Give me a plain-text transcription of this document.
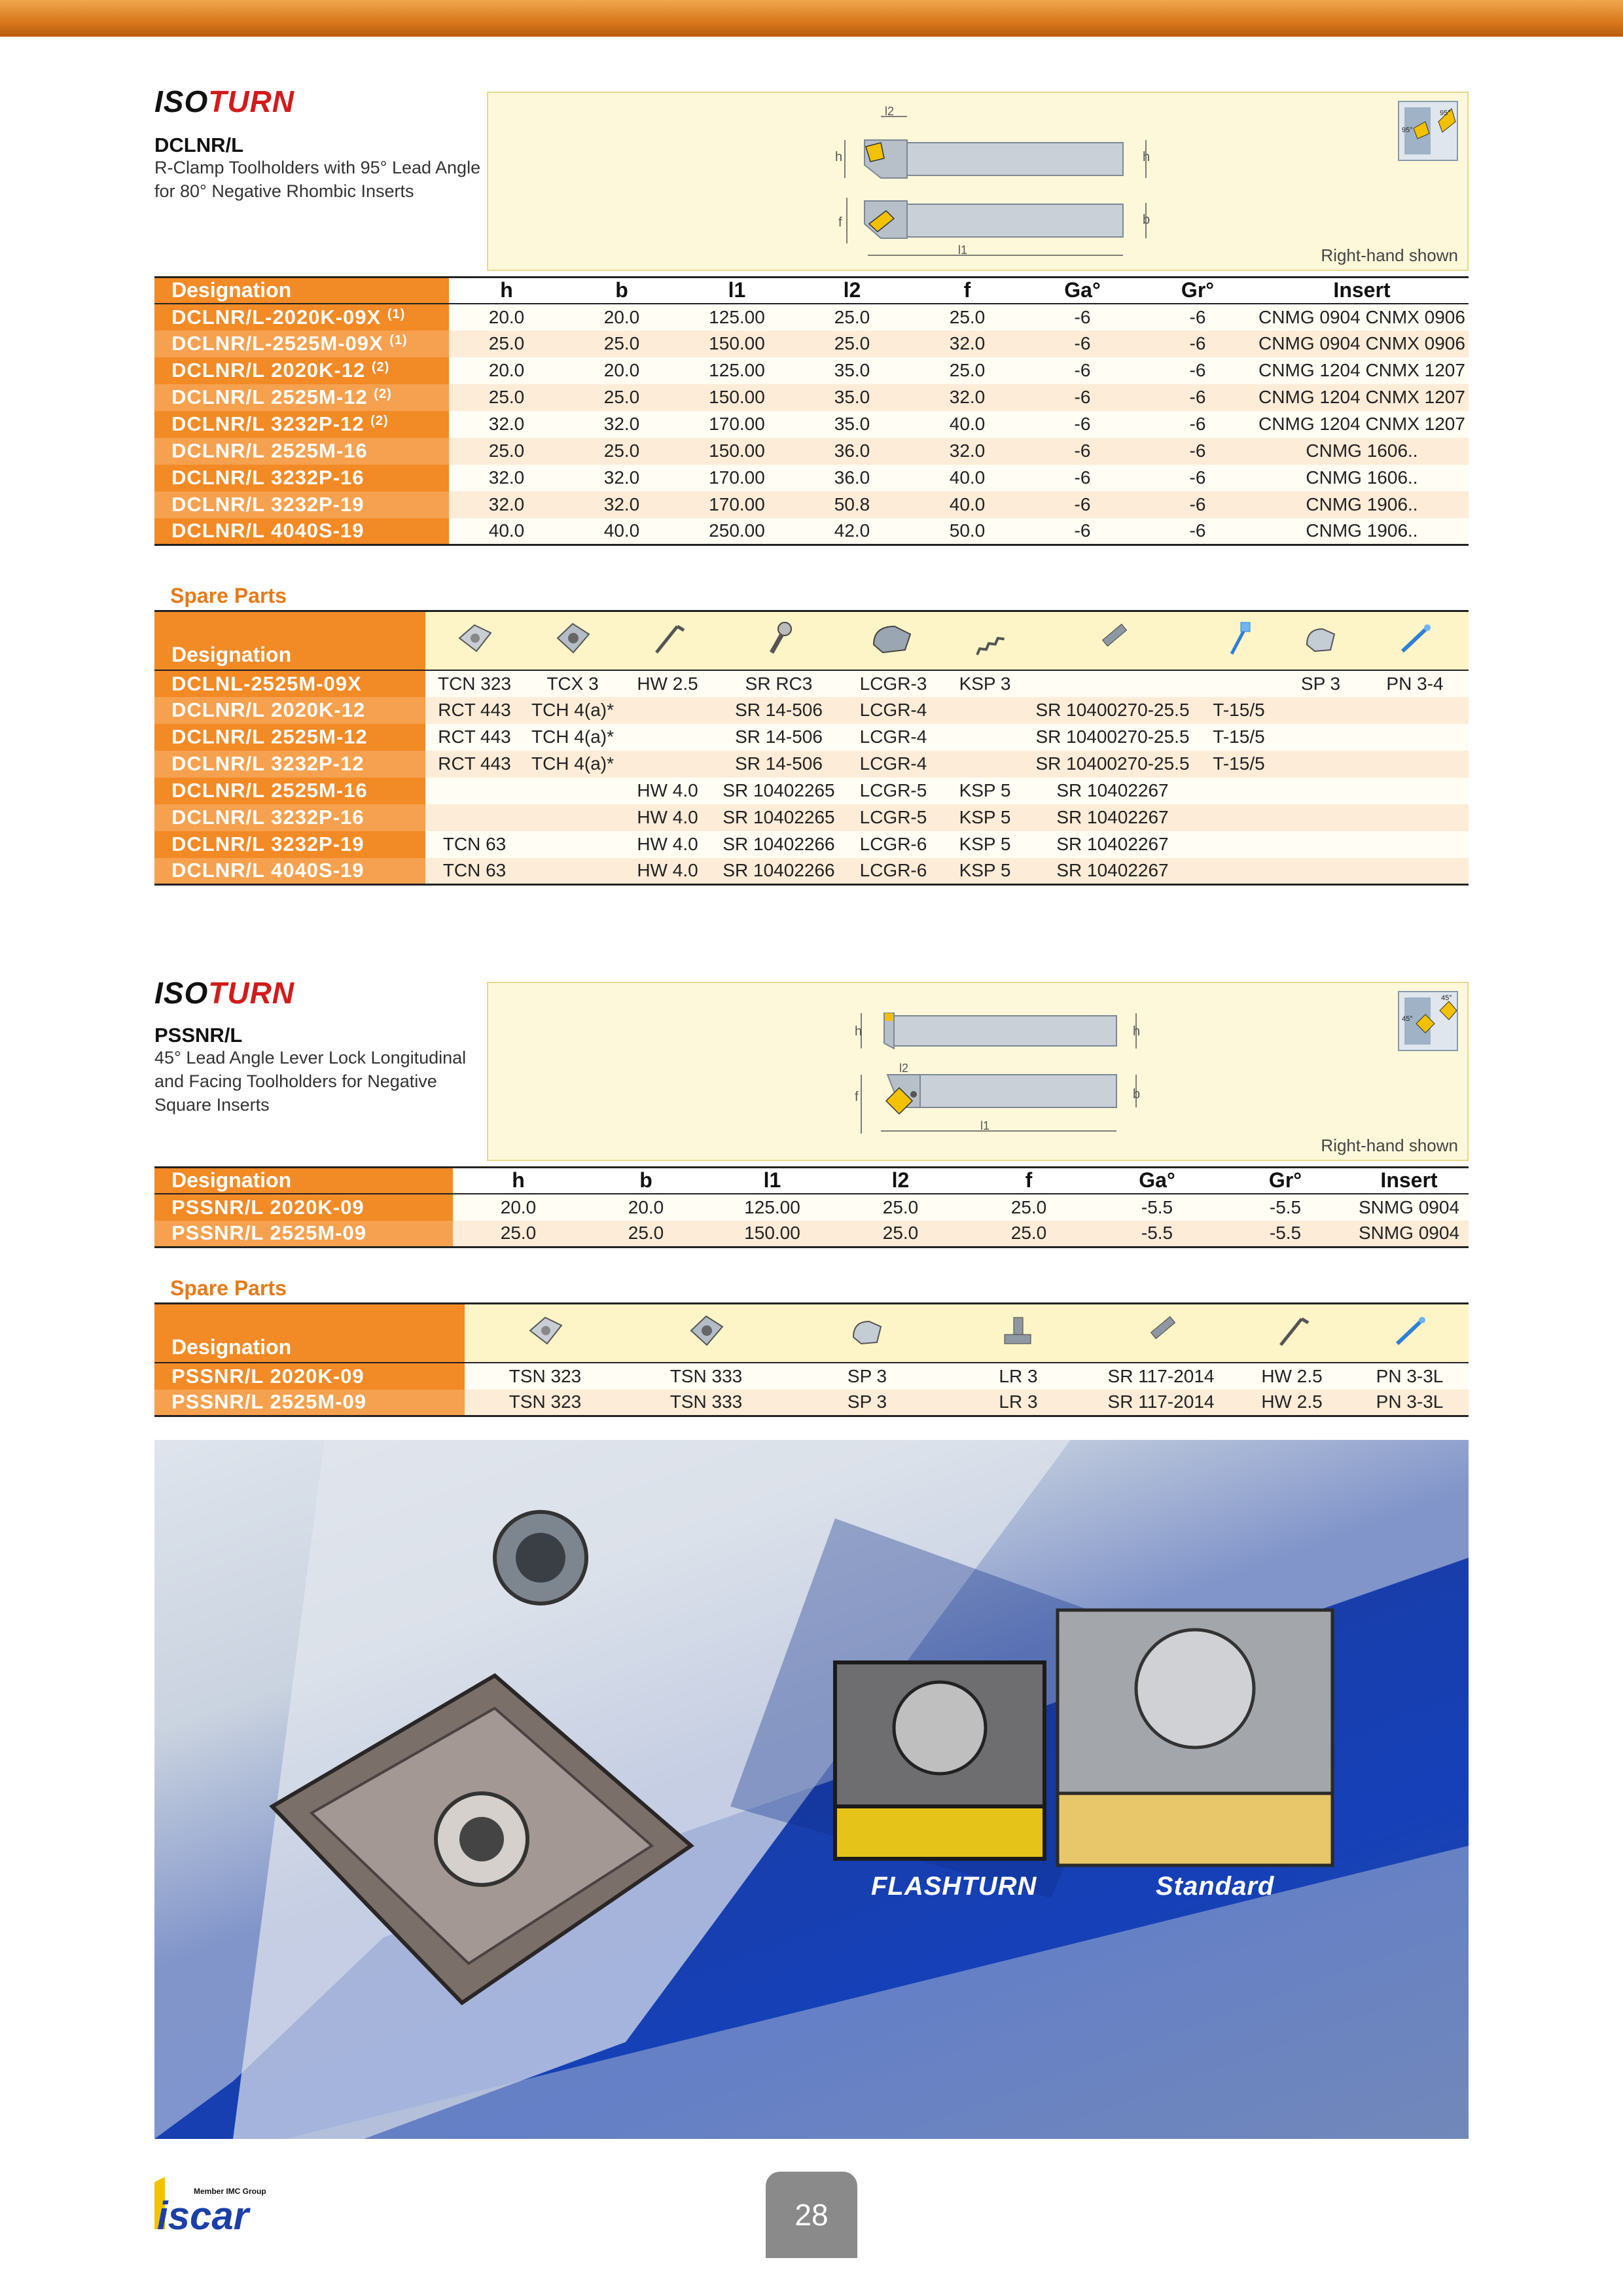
ISOTURN
DCLNR/L
R-Clamp Toolholders with 95° Lead Angle for 80° Negative Rhombic Inserts
l2
h	h
b
f
l1
95°
95°
Right-hand shown
Designation	h	b	l1	l2	f	Ga°	Gr°	Insert
DCLNR/L-2020K-09X $^{(1)}$	20.0	20.0	125.00	25.0	25.0	-6	-6	CNMG 0904 CNMX 0906
DCLNR/L-2525M-09X $^{(1)}$	25.0	25.0	150.00	25.0	32.0	-6	-6	CNMG 0904 CNMX 0906
DCLNR/L 2020K-12 $^{(2)}$	20.0	20.0	125.00	35.0	25.0	-6	-6	CNMG 1204 CNMX 1207
DCLNR/L 2525M-12 $^{(2)}$	25.0	25.0	150.00	35.0	32.0	-6	-6	CNMG 1204 CNMX 1207
DCLNR/L 3232P-12 $^{(2)}$	32.0	32.0	170.00	35.0	40.0	-6	-6	CNMG 1204 CNMX 1207
DCLNR/L 2525M-16	25.0	25.0	150.00	36.0	32.0	-6	-6	CNMG 1606..
DCLNR/L 3232P-16	32.0	32.0	170.00	36.0	40.0	-6	-6	CNMG 1606..
DCLNR/L 3232P-19	32.0	32.0	170.00	50.8	40.0	-6	-6	CNMG 1906..
DCLNR/L 4040S-19	40.0	40.0	250.00	42.0	50.0	-6	-6	CNMG 1906..
Spare Parts
Designation										
DCLNL-2525M-09X	TCN 323	TCX 3	HW 2.5	SR RC3	LCGR-3	KSP 3			SP 3	PN 3-4
DCLNR/L 2020K-12	RCT 443	TCH 4(a)*		SR 14-506	LCGR-4		SR 10400270-25.5	T-15/5		
DCLNR/L 2525M-12	RCT 443	TCH 4(a)*		SR 14-506	LCGR-4		SR 10400270-25.5	T-15/5		
DCLNR/L 3232P-12	RCT 443	TCH 4(a)*		SR 14-506	LCGR-4		SR 10400270-25.5	T-15/5		
DCLNR/L 2525M-16			HW 4.0	SR 10402265	LCGR-5	KSP 5	SR 10402267			
DCLNR/L 3232P-16			HW 4.0	SR 10402265	LCGR-5	KSP 5	SR 10402267			
DCLNR/L 3232P-19	TCN 63		HW 4.0	SR 10402266	LCGR-6	KSP 5	SR 10402267			
DCLNR/L 4040S-19	TCN 63		HW 4.0	SR 10402266	LCGR-6	KSP 5	SR 10402267			
ISOTURN
PSSNR/L
45° Lead Angle Lever Lock Longitudinal and Facing Toolholders for Negative Square Inserts
h	h
b
f
l2
l1
45°
45°
Right-hand shown
Designation	h	b	l1	l2	f	Ga°	Gr°	Insert
PSSNR/L 2020K-09	20.0	20.0	125.00	25.0	25.0	-5.5	-5.5	SNMG 0904
PSSNR/L 2525M-09	25.0	25.0	150.00	25.0	25.0	-5.5	-5.5	SNMG 0904
Spare Parts
Designation							
PSSNR/L 2020K-09	TSN 323	TSN 333	SP 3	LR 3	SR 117-2014	HW 2.5	PN 3-3L
PSSNR/L 2525M-09	TSN 323	TSN 333	SP 3	LR 3	SR 117-2014	HW 2.5	PN 3-3L
FLASHTURN	Standard
Member IMC Group
iscar	28
